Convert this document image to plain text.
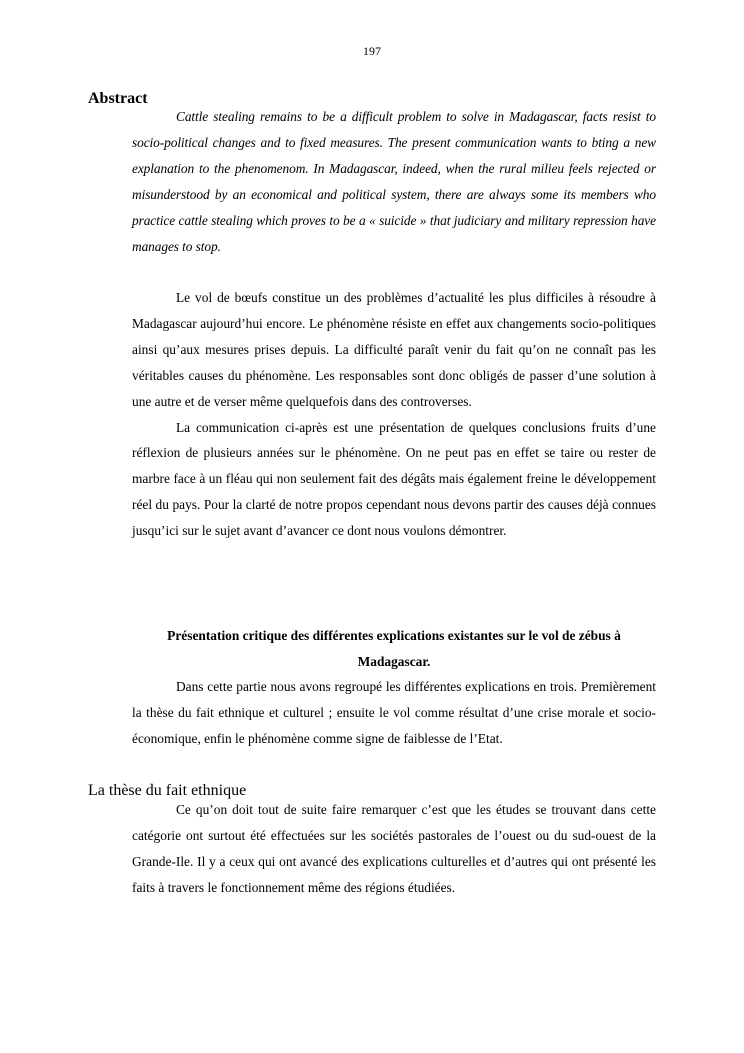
197
Abstract

Cattle stealing remains to be a difficult problem to solve in Madagascar, facts resist to socio-political changes and to fixed measures. The present communication wants to bting a new explanation to the phenomenom. In Madagascar, indeed, when the rural milieu feels rejected or misunderstood by an economical and political system, there are always some its members who practice cattle stealing which proves to be a « suicide » that judiciary and military repression have manages to stop.

Le vol de bœufs constitue un des problèmes d’actualité les plus difficiles à résoudre à Madagascar aujourd’hui encore. Le phénomène résiste en effet aux changements socio-politiques ainsi qu’aux mesures prises depuis. La difficulté paraît venir du fait qu’on ne connaît pas les véritables causes du phénomène. Les responsables sont donc obligés de passer d’une solution à une autre et de verser même quelquefois dans des controverses.

La communication ci-après est une présentation de quelques conclusions fruits d’une réflexion de plusieurs années sur le phénomène. On ne peut pas en effet se taire ou rester de marbre face à un fléau qui non seulement fait des dégâts mais également freine le développement réel du pays. Pour la clarté de notre propos cependant nous devons partir des causes déjà connues jusqu’ici sur le sujet avant d’avancer ce dont nous voulons démontrer.

Présentation critique des différentes explications existantes sur le vol de zébus à Madagascar.

Dans cette partie nous avons regroupé les différentes explications en trois. Premièrement la thèse du fait ethnique et culturel ; ensuite le vol comme résultat d’une crise morale et socio-économique, enfin le phénomène comme signe de faiblesse de l’Etat.

La thèse du fait ethnique

Ce qu’on doit tout de suite faire remarquer c’est que les études se trouvant dans cette catégorie ont surtout été effectuées sur les sociétés pastorales de l’ouest ou du sud-ouest de la Grande-Ile. Il y a ceux qui ont avancé des explications culturelles et d’autres qui ont présenté les faits à travers le fonctionnement même des régions étudiées.
